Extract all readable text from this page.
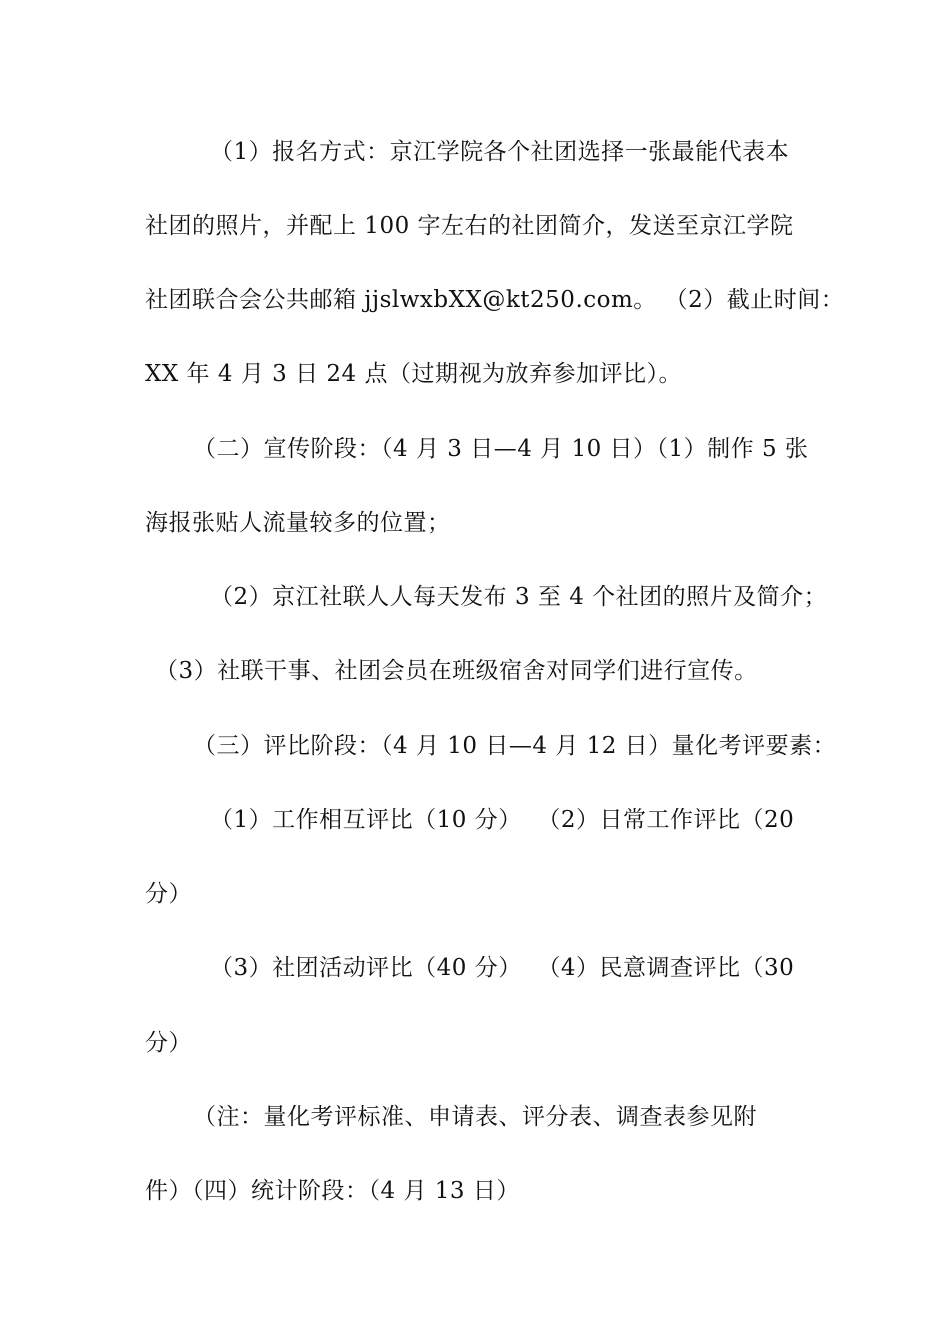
（1）报名方式：京江学院各个社团选择一张最能代表本

社团的照片，并配上 100 字左右的社团简介，发送至京江学院

社团联合会公共邮箱 jjslwxbXX@kt250.com。 （2）截止时间：

XX 年 4 月 3 日 24 点（过期视为放弃参加评比）。

（二）宣传阶段：（4 月 3 日—4 月 10 日）（1）制作 5 张

海报张贴人流量较多的位置；

（2）京江社联人人每天发布 3 至 4 个社团的照片及简介；

（3）社联干事、社团会员在班级宿舍对同学们进行宣传。

（三）评比阶段：（4 月 10 日—4 月 12 日）量化考评要素：

（1）工作相互评比（10 分）  （2）日常工作评比（20

分）

（3）社团活动评比（40 分）  （4）民意调查评比（30

分）

（注：量化考评标准、申请表、评分表、调查表参见附

件）（四）统计阶段：（4 月 13 日）
